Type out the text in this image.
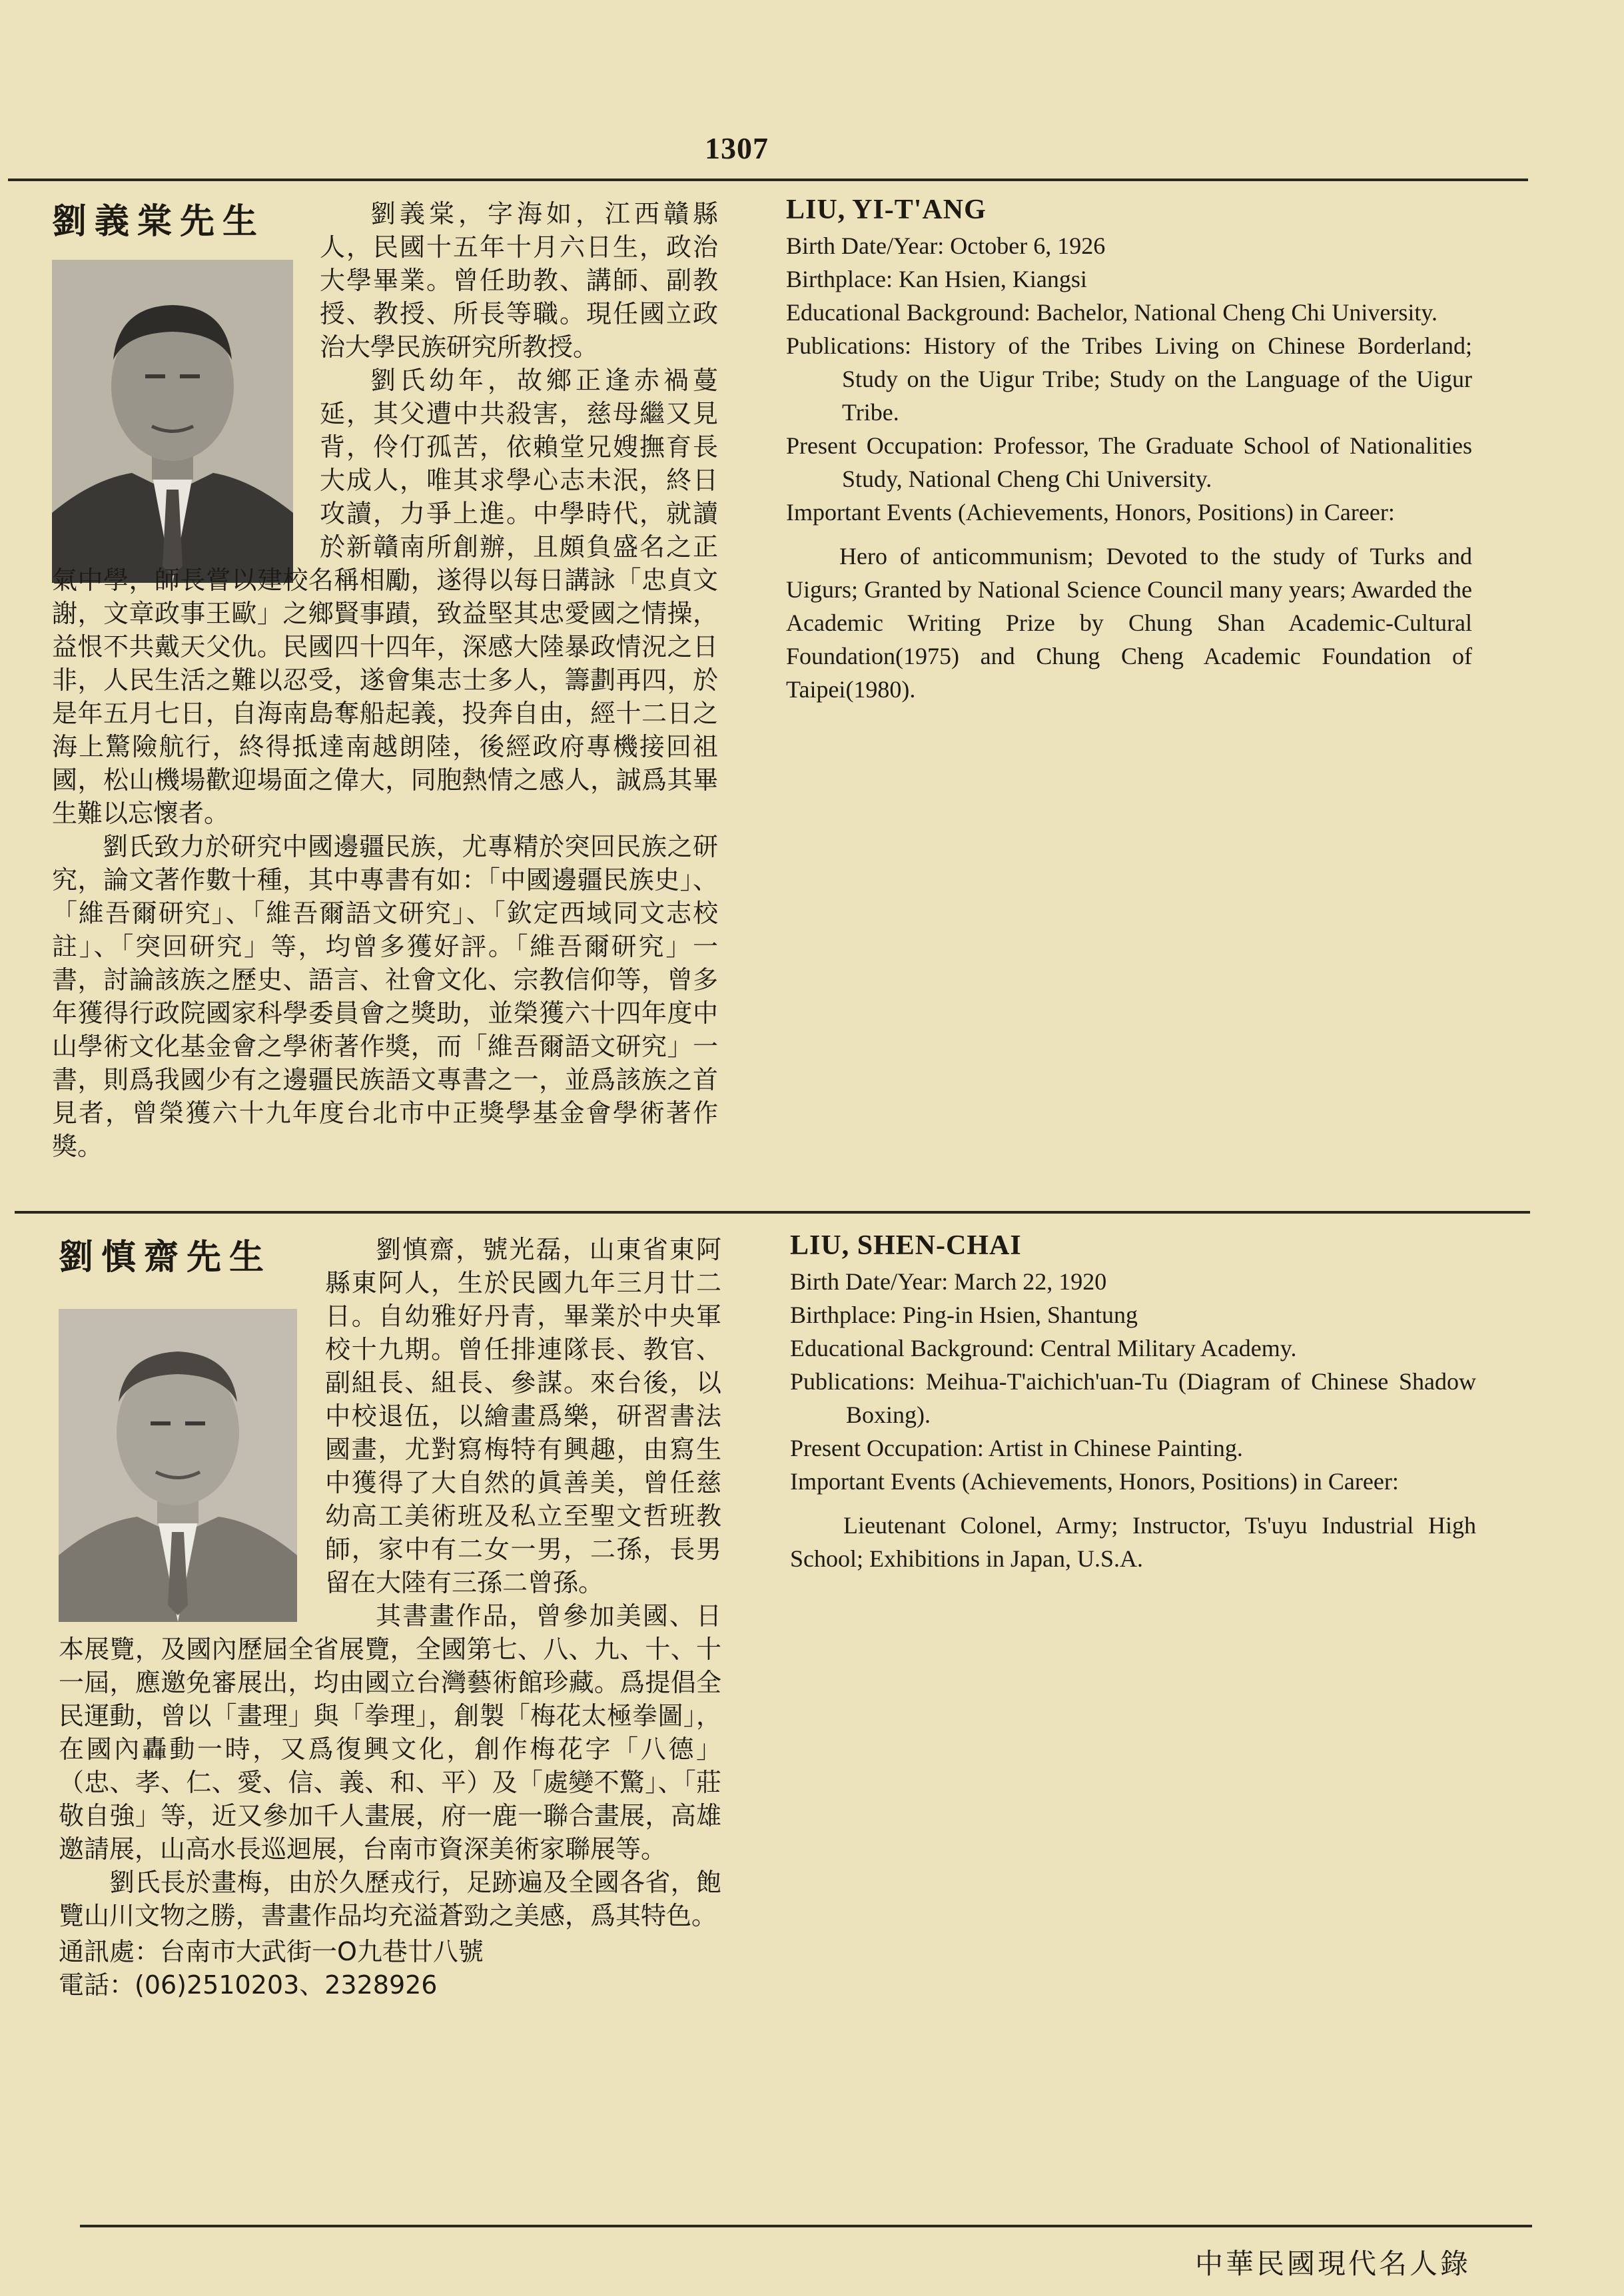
1307
劉義棠先生	劉義棠，字海如，江西贛縣人，民國十五年十月六日生，政治大學畢業。曾任助教、講師、副教授、教授、所長等職。現任國立政治大學民族研究所教授。

劉氏幼年，故鄉正逢赤禍蔓延，其父遭中共殺害，慈母繼又見背，伶仃孤苦，依賴堂兄嫂撫育長大成人，唯其求學心志未泯，終日攻讀，力爭上進。中學時代，就讀於新贛南所創辦，且頗負盛名之正氣中學，師長嘗以建校名稱相勵，遂得以每日講詠「忠貞文謝，文章政事王歐」之鄉賢事蹟，致益堅其忠愛國之情操，益恨不共戴天父仇。民國四十四年，深感大陸暴政情況之日非，人民生活之難以忍受，遂會集志士多人，籌劃再四，於是年五月七日，自海南島奪船起義，投奔自由，經十二日之海上驚險航行，終得抵達南越朗陸，後經政府專機接回祖國，松山機場歡迎場面之偉大，同胞熱情之感人，誠爲其畢生難以忘懷者。

劉氏致力於研究中國邊疆民族，尤專精於突回民族之研究，論文著作數十種，其中專書有如：「中國邊疆民族史」、「維吾爾研究」、「維吾爾語文研究」、「欽定西域同文志校註」、「突回研究」等，均曾多獲好評。「維吾爾研究」一書，討論該族之歷史、語言、社會文化、宗教信仰等，曾多年獲得行政院國家科學委員會之獎助，並榮獲六十四年度中山學術文化基金會之學術著作獎，而「維吾爾語文研究」一書，則爲我國少有之邊疆民族語文專書之一，並爲該族之首見者，曾榮獲六十九年度台北市中正獎學基金會學術著作獎。

LIU, YI-T'ANG
Birth Date/Year: October 6, 1926
Birthplace: Kan Hsien, Kiangsi
Educational Background: Bachelor, National Cheng Chi University.
Publications: History of the Tribes Living on Chinese Borderland; Study on the Uigur Tribe; Study on the Language of the Uigur Tribe.
Present Occupation: Professor, The Graduate School of Nationalities Study, National Cheng Chi University.
Important Events (Achievements, Honors, Positions) in Career:
Hero of anticommunism; Devoted to the study of Turks and Uigurs; Granted by National Science Council many years; Awarded the Academic Writing Prize by Chung Shan Academic-Cultural Foundation(1975) and Chung Cheng Academic Foundation of Taipei(1980).
劉慎齋先生	劉慎齋，號光磊，山東省東阿縣東阿人，生於民國九年三月廿二日。自幼雅好丹青，畢業於中央軍校十九期。曾任排連隊長、教官、副組長、組長、參謀。來台後，以中校退伍，以繪畫爲樂，研習書法國畫，尤對寫梅特有興趣，由寫生中獲得了大自然的眞善美，曾任慈幼高工美術班及私立至聖文哲班教師，家中有二女一男，二孫，長男留在大陸有三孫二曾孫。

其書畫作品，曾參加美國、日本展覽，及國內歷屆全省展覽，全國第七、八、九、十、十一屆，應邀免審展出，均由國立台灣藝術館珍藏。爲提倡全民運動，曾以「畫理」與「拳理」，創製「梅花太極拳圖」，在國內轟動一時，又爲復興文化，創作梅花字「八德」（忠、孝、仁、愛、信、義、和、平）及「處變不驚」、「莊敬自強」等，近又參加千人畫展，府一鹿一聯合畫展，高雄邀請展，山高水長巡迴展，台南市資深美術家聯展等。

劉氏長於畫梅，由於久歷戎行，足跡遍及全國各省，飽覽山川文物之勝，書畫作品均充溢蒼勁之美感，爲其特色。

通訊處：台南市大武街一O九巷廿八號
電話：(06)2510203、2328926
LIU, SHEN-CHAI
Birth Date/Year: March 22, 1920
Birthplace: Ping-in Hsien, Shantung
Educational Background: Central Military Academy.
Publications: Meihua-T'aichich'uan-Tu (Diagram of Chinese Shadow Boxing).
Present Occupation: Artist in Chinese Painting.
Important Events (Achievements, Honors, Positions) in Career:
Lieutenant Colonel, Army; Instructor, Ts'uyu Industrial High School; Exhibitions in Japan, U.S.A.
中華民國現代名人錄
